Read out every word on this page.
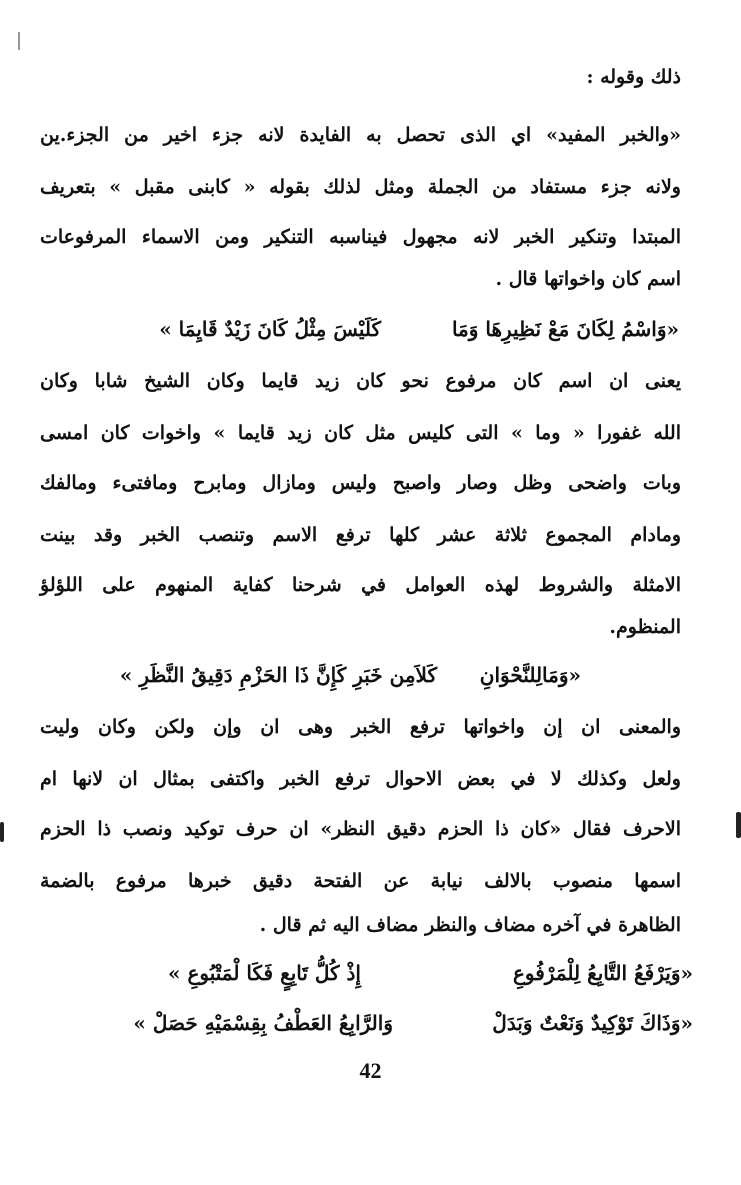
ذلك وقوله :
«والخبر المفيد» اي الذى تحصل به الفايدة لانه جزء اخير من الجزء.ين
ولانه جزء مستفاد من الجملة ومثل لذلك بقوله « كابنى مقبل » بتعريف
المبتدا وتنكير الخبر لانه مجهول فيناسبه التنكير ومن الاسماء المرفوعات
اسم كان واخواتها قال .
«وَاسْمُ لِكَانَ مَعْ نَظِيرِهَا وَمَا
كَلَيْسَ مِثْلُ كَانَ زَيْدٌ قَايِمَا »
يعنى ان اسم كان مرفوع نحو كان زيد قايما وكان الشيخ شابا وكان
الله غفورا « وما » التى كليس مثل كان زيد قايما » واخوات كان امسى
وبات واضحى وظل وصار واصبح وليس ومازال ومابرح ومافتىء ومالفك
ومادام المجموع ثلاثة عشر كلها ترفع الاسم وتنصب الخبر وقد بينت
الامثلة والشروط لهذه العوامل في شرحنا كفاية المنهوم على اللؤلؤ
المنظوم.
«وَمَالِلنَّحْوَانِ
كَلاَمِن خَبَرِ كَإِنَّ ذَا الحَزْمِ دَقِيقُ النَّظَرِ »
والمعنى ان إن واخواتها ترفع الخبر وهى ان وإن ولكن وكان وليت
ولعل وكذلك لا في بعض الاحوال ترفع الخبر واكتفى بمثال ان لانها ام
الاحرف فقال «كان ذا الحزم دقيق النظر» ان حرف توكيد ونصب ذا الحزم
اسمها منصوب بالالف نيابة عن الفتحة دقيق خبرها مرفوع بالضمة
الظاهرة في آخره مضاف والنظر مضاف اليه ثم قال .
«وَيَرْفَعُ التَّابِعُ لِلْمَرْفُوعِ
إِذْ كُلُّ تَابِعٍ فَكَا لْمَتْبُوعِ »
«وَذَاكَ تَوْكِيدٌ وَنَعْتٌ وَبَدَلْ
وَالرَّابِعُ العَطْفُ بِقِسْمَيْهِ حَصَلْ »
42
